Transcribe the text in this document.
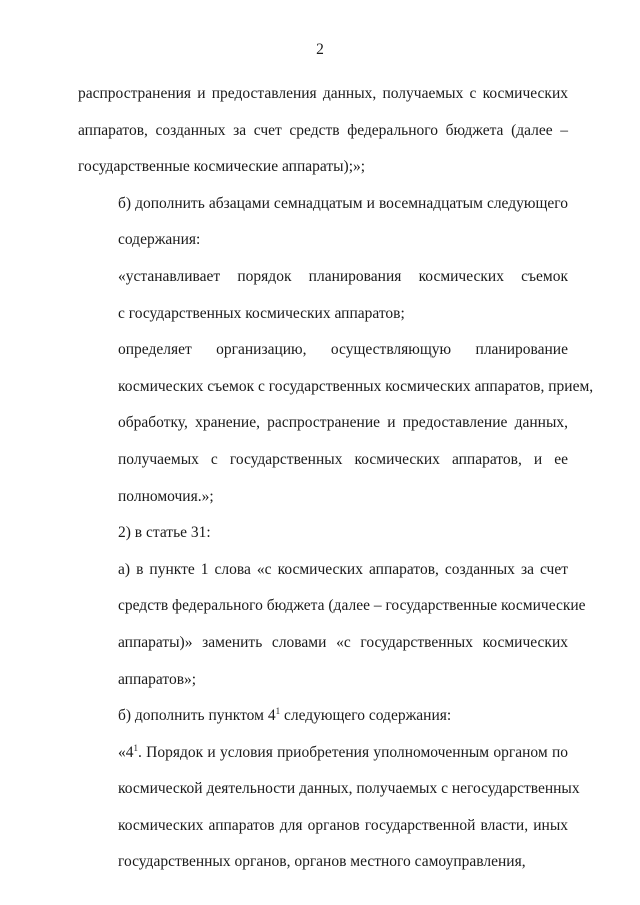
2
распространения и предоставления данных, получаемых с космических
аппаратов, созданных за счет средств федерального бюджета (далее –
государственные космические аппараты);»;
б) дополнить абзацами семнадцатым и восемнадцатым следующего
содержания:
«устанавливает порядок планирования космических съемок
с государственных космических аппаратов;
определяет организацию, осуществляющую планирование
космических съемок с государственных космических аппаратов, прием,
обработку, хранение, распространение и предоставление данных,
получаемых с государственных космических аппаратов, и ее
полномочия.»;
2) в статье 31:
а) в пункте 1 слова «с космических аппаратов, созданных за счет
средств федерального бюджета (далее – государственные космические
аппараты)» заменить словами «с государственных космических
аппаратов»;
б) дополнить пунктом $4^1$ следующего содержания:
«$4^1$. Порядок и условия приобретения уполномоченным органом по
космической деятельности данных, получаемых с негосударственных
космических аппаратов для органов государственной власти, иных
государственных органов, органов местного самоуправления,
